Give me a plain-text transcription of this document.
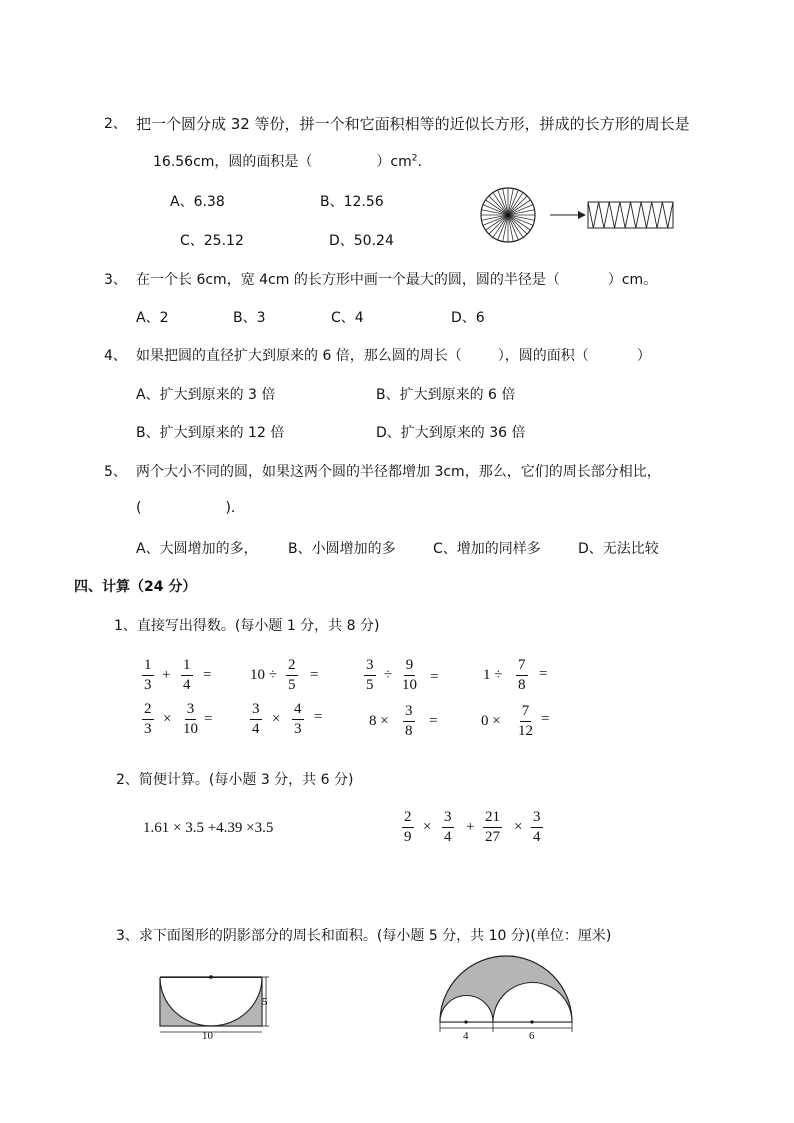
2、 把一个圆分成 32 等份，拼一个和它面积相等的近似长方形，拼成的长方形的周长是
16.56cm，圆的面积是（	）$cm^2$.
A、6.38	B、12.56
C、25.12	D、50.24
3、 在一个长 6cm，宽 4cm 的长方形中画一个最大的圆，圆的半径是（	）cm。
A、2	B、3	C、4	D、6
4、 如果把圆的直径扩大到原来的 6 倍，那么圆的周长（	），圆的面积（	）
A、扩大到原来的 3 倍	B、扩大到原来的 6 倍
B、扩大到原来的 12 倍	D、扩大到原来的 36 倍
5、 两个大小不同的圆，如果这两个圆的半径都增加 3cm，那么，它们的周长部分相比，
(	).
A、大圆增加的多， B、小圆增加的多	C、增加的同样多	D、无法比较
四、计算（24 分）
1、直接写出得数。(每小题 1 分，共 8 分)
$\frac{1}{3} + \frac{1}{4}$ =	$10 \div \frac{2}{5}$ =	$\frac{3}{5} \div \frac{9}{10}$ =	$1 \div \frac{7}{8}$ =
$\frac{2}{3} \times \frac{3}{10}$ =	$\frac{3}{4} \times \frac{4}{3}$ =	$8 \times \frac{3}{8}$ =	$0 \times \frac{7}{12}$ =
2、简便计算。(每小题 3 分，共 6 分)
1.61 × 3.5 +4.39 ×3.5	$\frac{2}{9} \times \frac{3}{4} + \frac{21}{27} \times \frac{3}{4}$
3、求下面图形的阴影部分的周长和面积。(每小题 5 分，共 10 分)(单位：厘米)
10
5
4	6
